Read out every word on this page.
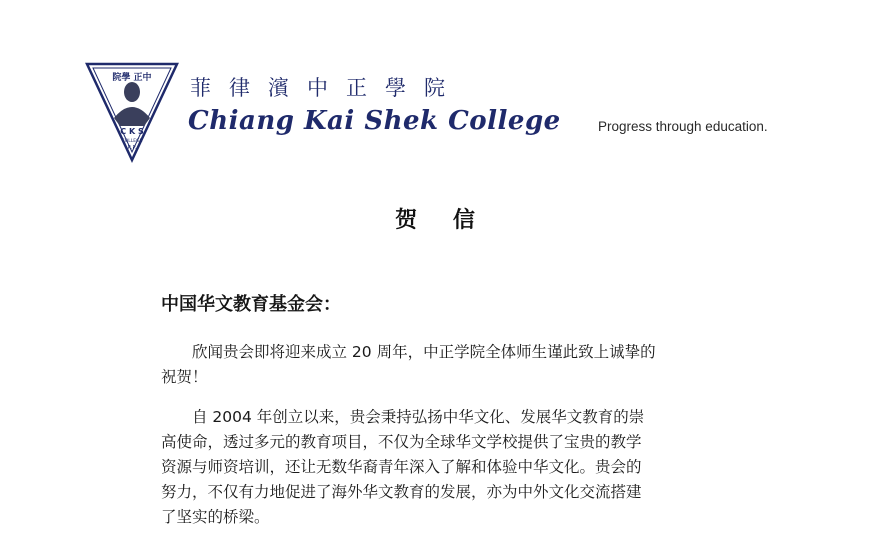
院學 正中
C K S
COLLEGE
R.P.
菲律濱中正學院
Chiang Kai Shek College	Progress through education.
贺 信
中国华文教育基金会：
欣闻贵会即将迎来成立 20 周年，中正学院全体师生谨此致上诚挚的
祝贺！
自 2004 年创立以来，贵会秉持弘扬中华文化、发展华文教育的崇
高使命，透过多元的教育项目，不仅为全球华文学校提供了宝贵的教学
资源与师资培训，还让无数华裔青年深入了解和体验中华文化。贵会的
努力，不仅有力地促进了海外华文教育的发展，亦为中外文化交流搭建
了坚实的桥梁。
